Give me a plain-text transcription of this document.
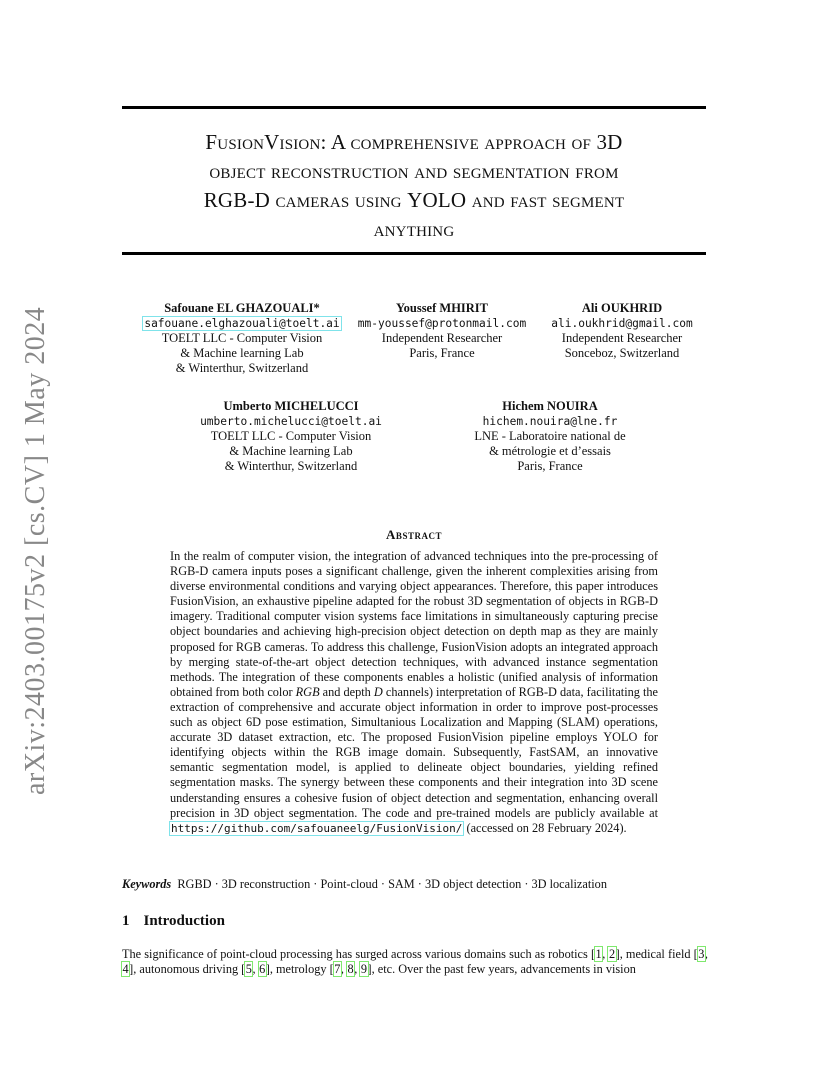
FusionVision: A comprehensive approach of 3D
object reconstruction and segmentation from
RGB-D cameras using YOLO and fast segment
anything
arXiv:2403.00175v2 [cs.CV] 1 May 2024	Safouane EL GHAZOUALI*
safouane.elghazouali@toelt.ai
TOELT LLC - Computer Vision
& Machine learning Lab
& Winterthur, Switzerland
Youssef MHIRIT
mm-youssef@protonmail.com
Independent Researcher
Paris, France
Ali OUKHRID
ali.oukhrid@gmail.com
Independent Researcher
Sonceboz, Switzerland
Umberto MICHELUCCI
umberto.michelucci@toelt.ai
TOELT LLC - Computer Vision
& Machine learning Lab
& Winterthur, Switzerland
Hichem NOUIRA
hichem.nouira@lne.fr
LNE - Laboratoire national de
& métrologie et d’essais
Paris, France
Abstract
In the realm of computer vision, the integration of advanced techniques into the pre-processing of RGB-D camera inputs poses a significant challenge, given the inherent complexities arising from diverse environmental conditions and varying object appearances. Therefore, this paper introduces FusionVision, an exhaustive pipeline adapted for the robust 3D segmentation of objects in RGB-D imagery. Traditional computer vision systems face limitations in simultaneously capturing precise object boundaries and achieving high-precision object detection on depth map as they are mainly proposed for RGB cameras. To address this challenge, FusionVision adopts an integrated approach by merging state-of-the-art object detection techniques, with advanced instance segmentation methods. The integration of these components enables a holistic (unified analysis of information obtained from both color RGB and depth D channels) interpretation of RGB-D data, facilitating the extraction of comprehensive and accurate object information in order to improve post-processes such as object 6D pose estimation, Simultanious Localization and Mapping (SLAM) operations, accurate 3D dataset extraction, etc. The proposed FusionVision pipeline employs YOLO for identifying objects within the RGB image domain. Subsequently, FastSAM, an innovative semantic segmentation model, is applied to delineate object boundaries, yielding refined segmentation masks. The synergy between these components and their integration into 3D scene understanding ensures a cohesive fusion of object detection and segmentation, enhancing overall precision in 3D object segmentation. The code and pre-trained models are publicly available at https://github.com/safouaneelg/FusionVision/ (accessed on 28 February 2024).
Keywords RGBD · 3D reconstruction · Point-cloud · SAM · 3D object detection · 3D localization
1 Introduction
The significance of point-cloud processing has surged across various domains such as robotics [1, 2], medical field [3, 4], autonomous driving [5, 6], metrology [7, 8, 9], etc. Over the past few years, advancements in vision
